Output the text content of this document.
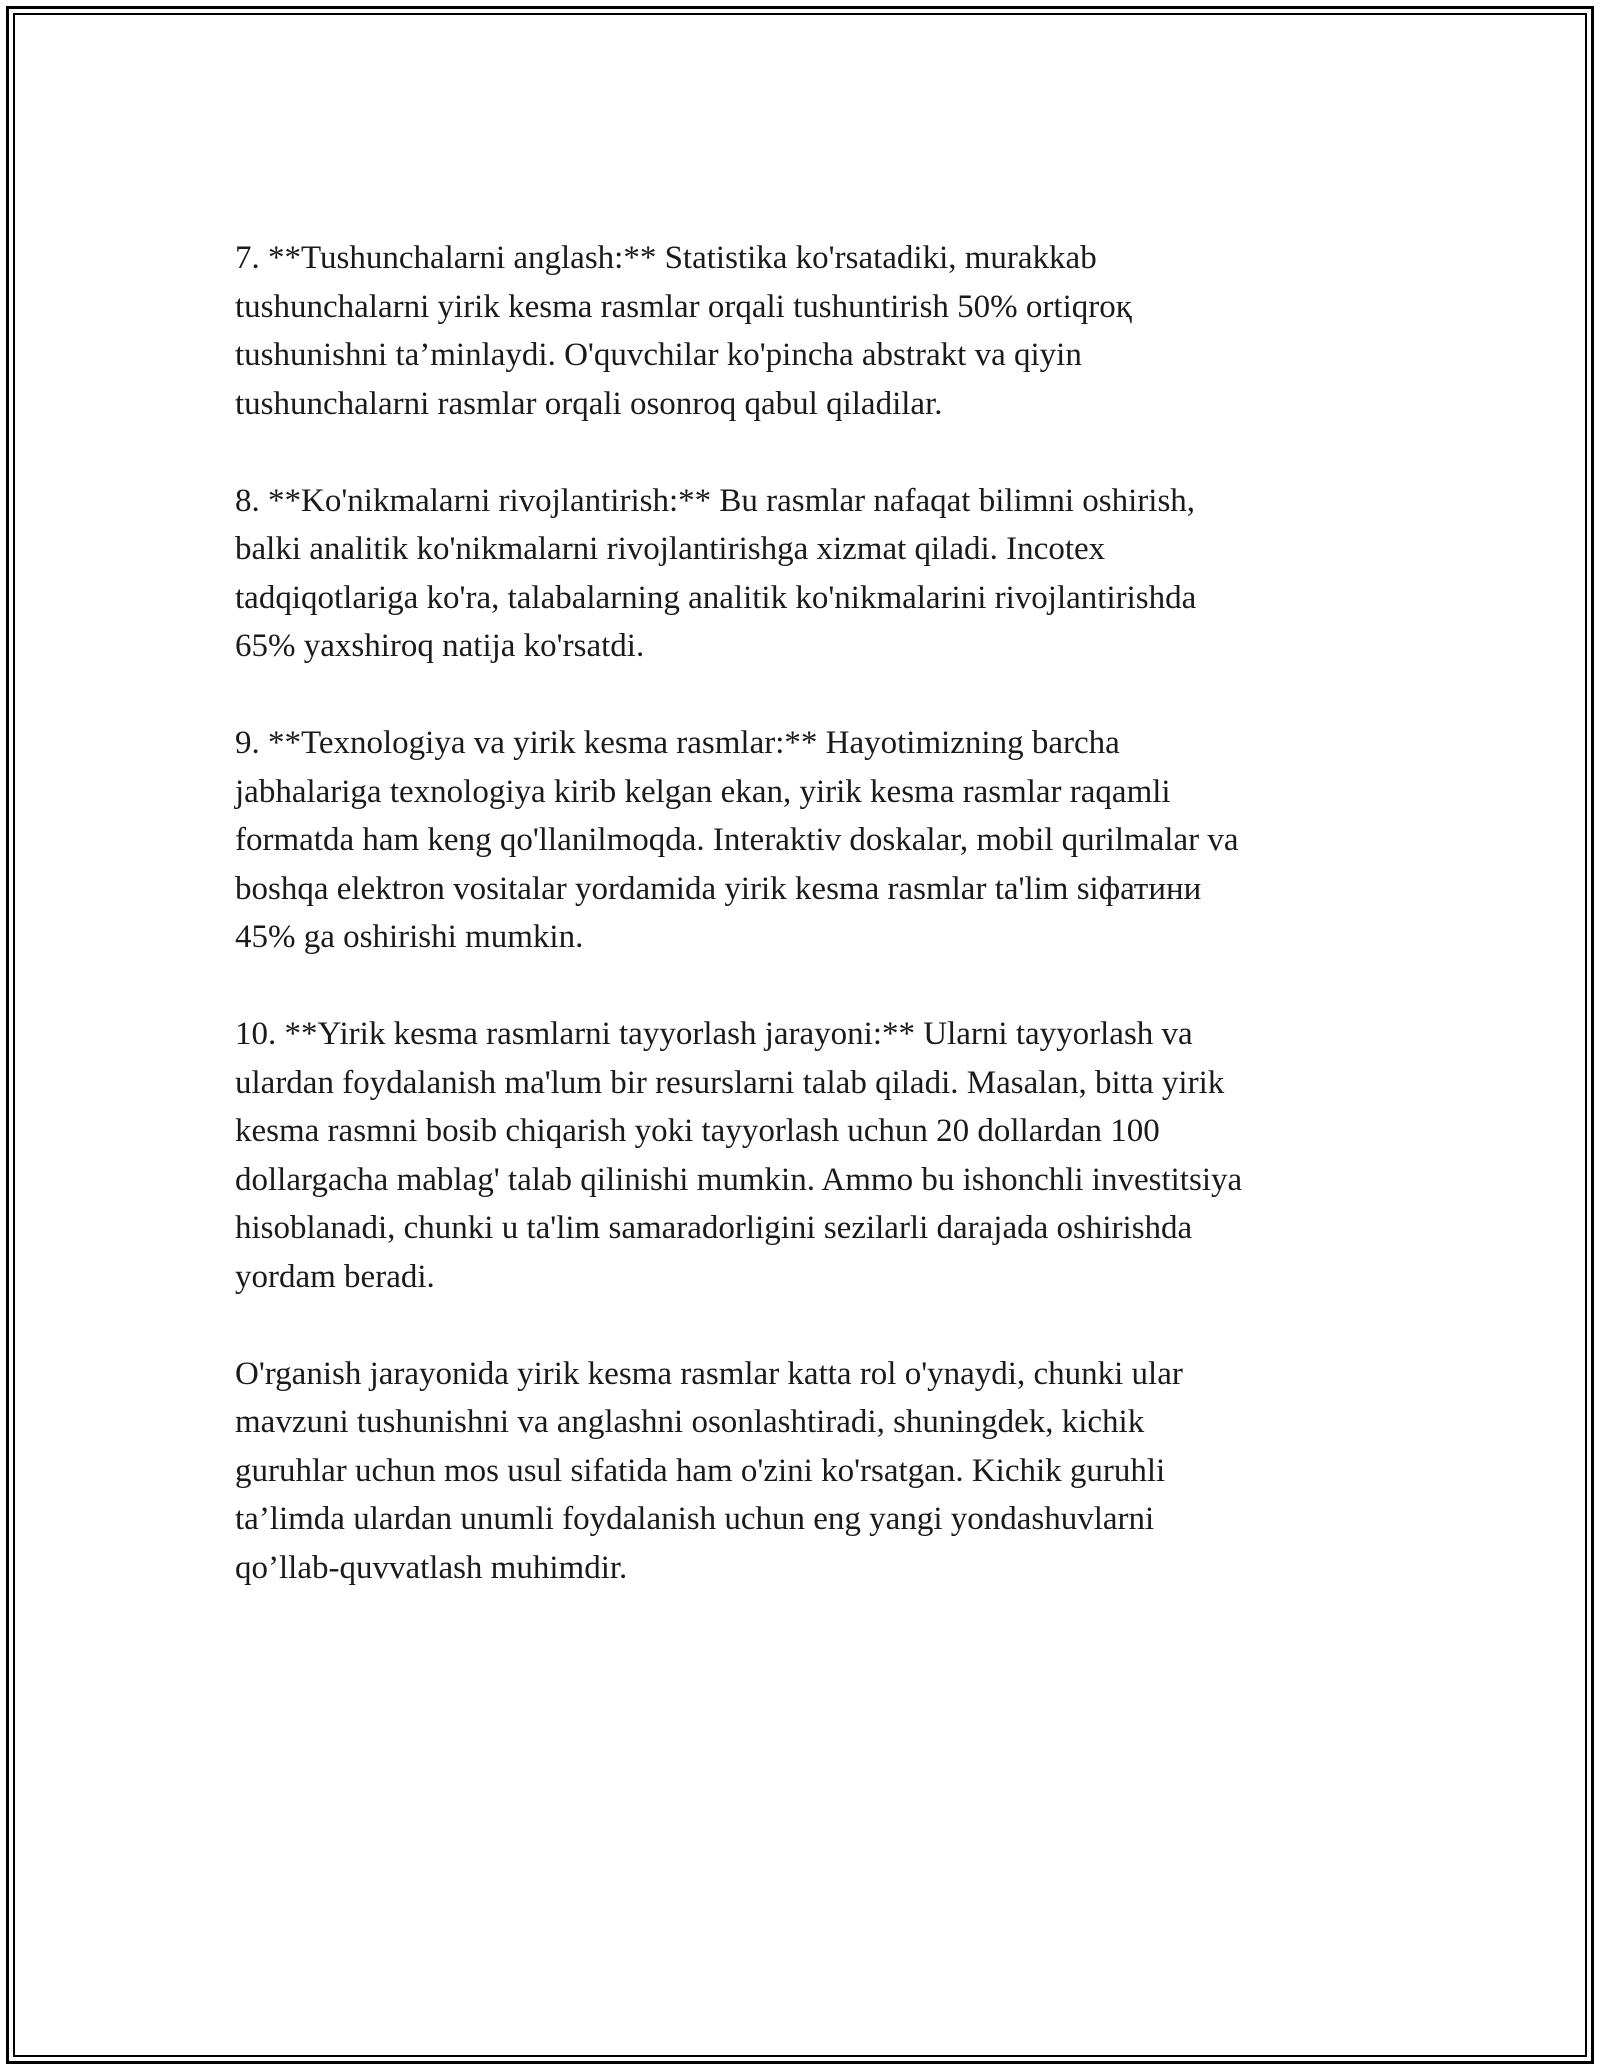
7. **Tushunchalarni anglash:** Statistika ko'rsatadiki, murakkab
tushunchalarni yirik kesma rasmlar orqali tushuntirish 50% ortiqroқ
tushunishni ta’minlaydi. O'quvchilar ko'pincha abstrakt va qiyin
tushunchalarni rasmlar orqali osonroq qabul qiladilar.

8. **Ko'nikmalarni rivojlantirish:** Bu rasmlar nafaqat bilimni oshirish,
balki analitik ko'nikmalarni rivojlantirishga xizmat qiladi. Incotex
tadqiqotlariga ko'ra, talabalarning analitik ko'nikmalarini rivojlantirishda
65% yaxshiroq natija ko'rsatdi.

9. **Texnologiya va yirik kesma rasmlar:** Hayotimizning barcha
jabhalariga texnologiya kirib kelgan ekan, yirik kesma rasmlar raqamli
formatda ham keng qo'llanilmoqda. Interaktiv doskalar, mobil qurilmalar va
boshqa elektron vositalar yordamida yirik kesma rasmlar ta'lim siфатини
45% ga oshirishi mumkin.

10. **Yirik kesma rasmlarni tayyorlash jarayoni:** Ularni tayyorlash va
ulardan foydalanish ma'lum bir resurslarni talab qiladi. Masalan, bitta yirik
kesma rasmni bosib chiqarish yoki tayyorlash uchun 20 dollardan 100
dollargacha mablag' talab qilinishi mumkin. Ammo bu ishonchli investitsiya
hisoblanadi, chunki u ta'lim samaradorligini sezilarli darajada oshirishda
yordam beradi.

O'rganish jarayonida yirik kesma rasmlar katta rol o'ynaydi, chunki ular
mavzuni tushunishni va anglashni osonlashtiradi, shuningdek, kichik
guruhlar uchun mos usul sifatida ham o'zini ko'rsatgan. Kichik guruhli
ta’limda ulardan unumli foydalanish uchun eng yangi yondashuvlarni
qo’llab-quvvatlash muhimdir.
